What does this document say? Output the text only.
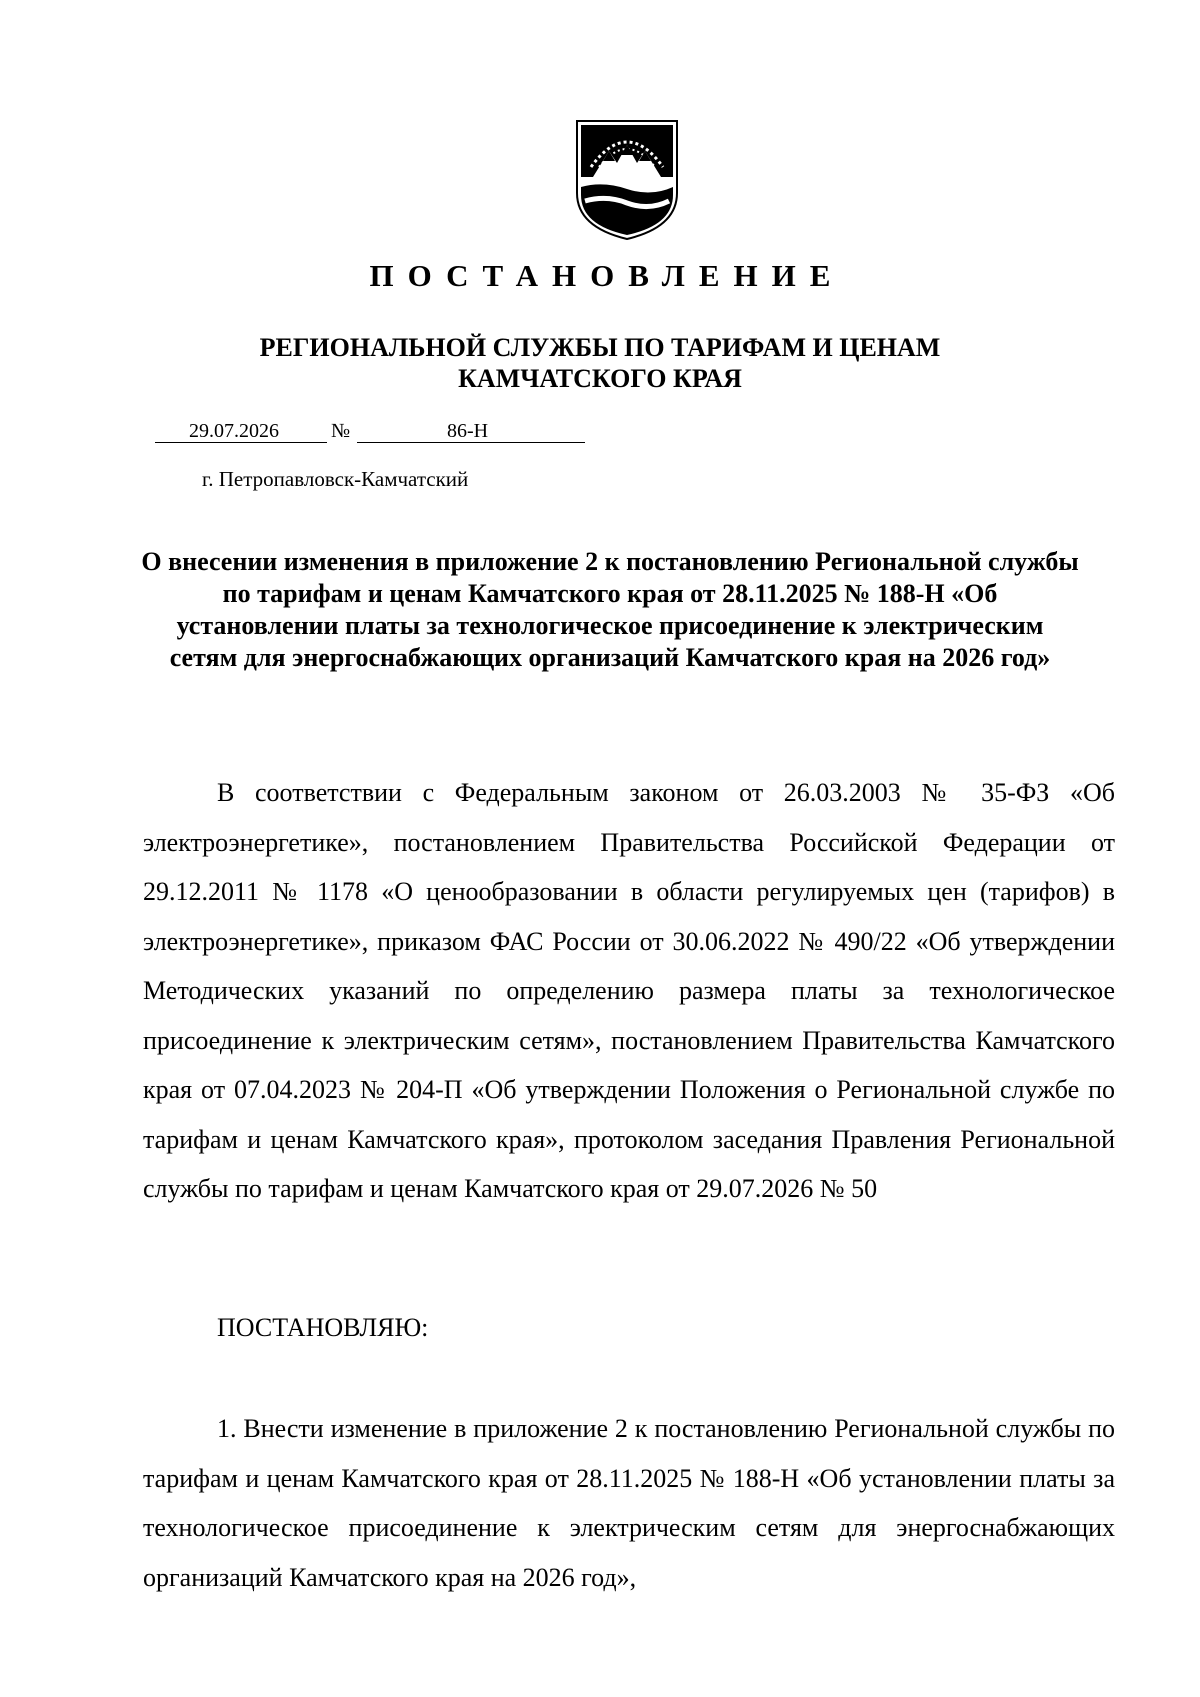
ПОСТАНОВЛЕНИЕ
РЕГИОНАЛЬНОЙ СЛУЖБЫ ПО ТАРИФАМ И ЦЕНАМ
КАМЧАТСКОГО КРАЯ
29.07.2026	№	86-Н
г. Петропавловск-Камчатский
О внесении изменения в приложение 2 к постановлению Региональной службы по тарифам и ценам Камчатского края от 28.11.2025 № 188-Н «Об установлении платы за технологическое присоединение к электрическим сетям для энергоснабжающих организаций Камчатского края на 2026 год»
В соответствии с Федеральным законом от 26.03.2003 № 35-ФЗ «Об электроэнергетике», постановлением Правительства Российской Федерации от 29.12.2011 № 1178 «О ценообразовании в области регулируемых цен (тарифов) в электроэнергетике», приказом ФАС России от 30.06.2022 № 490/22 «Об утверждении Методических указаний по определению размера платы за технологическое присоединение к электрическим сетям», постановлением Правительства Камчатского края от 07.04.2023 № 204-П «Об утверждении Положения о Региональной службе по тарифам и ценам Камчатского края», протоколом заседания Правления Региональной службы по тарифам и ценам Камчатского края от 29.07.2026 № 50
ПОСТАНОВЛЯЮ:
1. Внести изменение в приложение 2 к постановлению Региональной службы по тарифам и ценам Камчатского края от 28.11.2025 № 188-Н «Об установлении платы за технологическое присоединение к электрическим сетям для энергоснабжающих организаций Камчатского края на 2026 год»,
